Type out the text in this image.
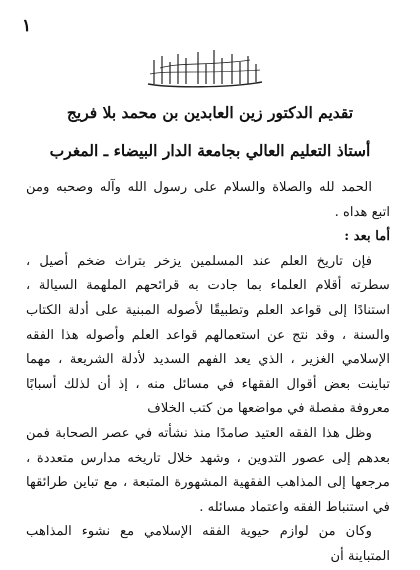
١
تقديم الدكتور زين العابدين بن محمد بلا فريج
أستاذ التعليم العالي بجامعة الدار البيضاء ـ المغرب

الحمد لله والصلاة والسلام على رسول الله وآله وصحبه ومن اتبع هداه .

أما بعد :

فإن تاريخ العلم عند المسلمين يزخر بتراث ضخم أصيل ، سطرته أقلام العلماء بما جادت به قرائحهم الملهمة السيالة ، استنادًا إلى قواعد العلم وتطبيقًا لأصوله المبنية على أدلة الكتاب والسنة ، وقد نتج عن استعمالهم قواعد العلم وأصوله هذا الفقه الإسلامي الغزير ، الذي يعد الفهم السديد لأدلة الشريعة ، مهما تباينت بعض أقوال الفقهاء في مسائل منه ، إذ أن لذلك أسبابًا معروفة مفصلة في مواضعها من كتب الخلاف

وظل هذا الفقه العتيد صامدًا منذ نشأته في عصر الصحابة فمن بعدهم إلى عصور التدوين ، وشهد خلال تاريخه مدارس متعددة ، مرجعها إلى المذاهب الفقهية المشهورة المتبعة ، مع تباين طرائقها في استنباط الفقه واعتماد مسائله .

وكان من لوازم حيوية الفقه الإسلامي مع نشوء المذاهب المتباينة أن
